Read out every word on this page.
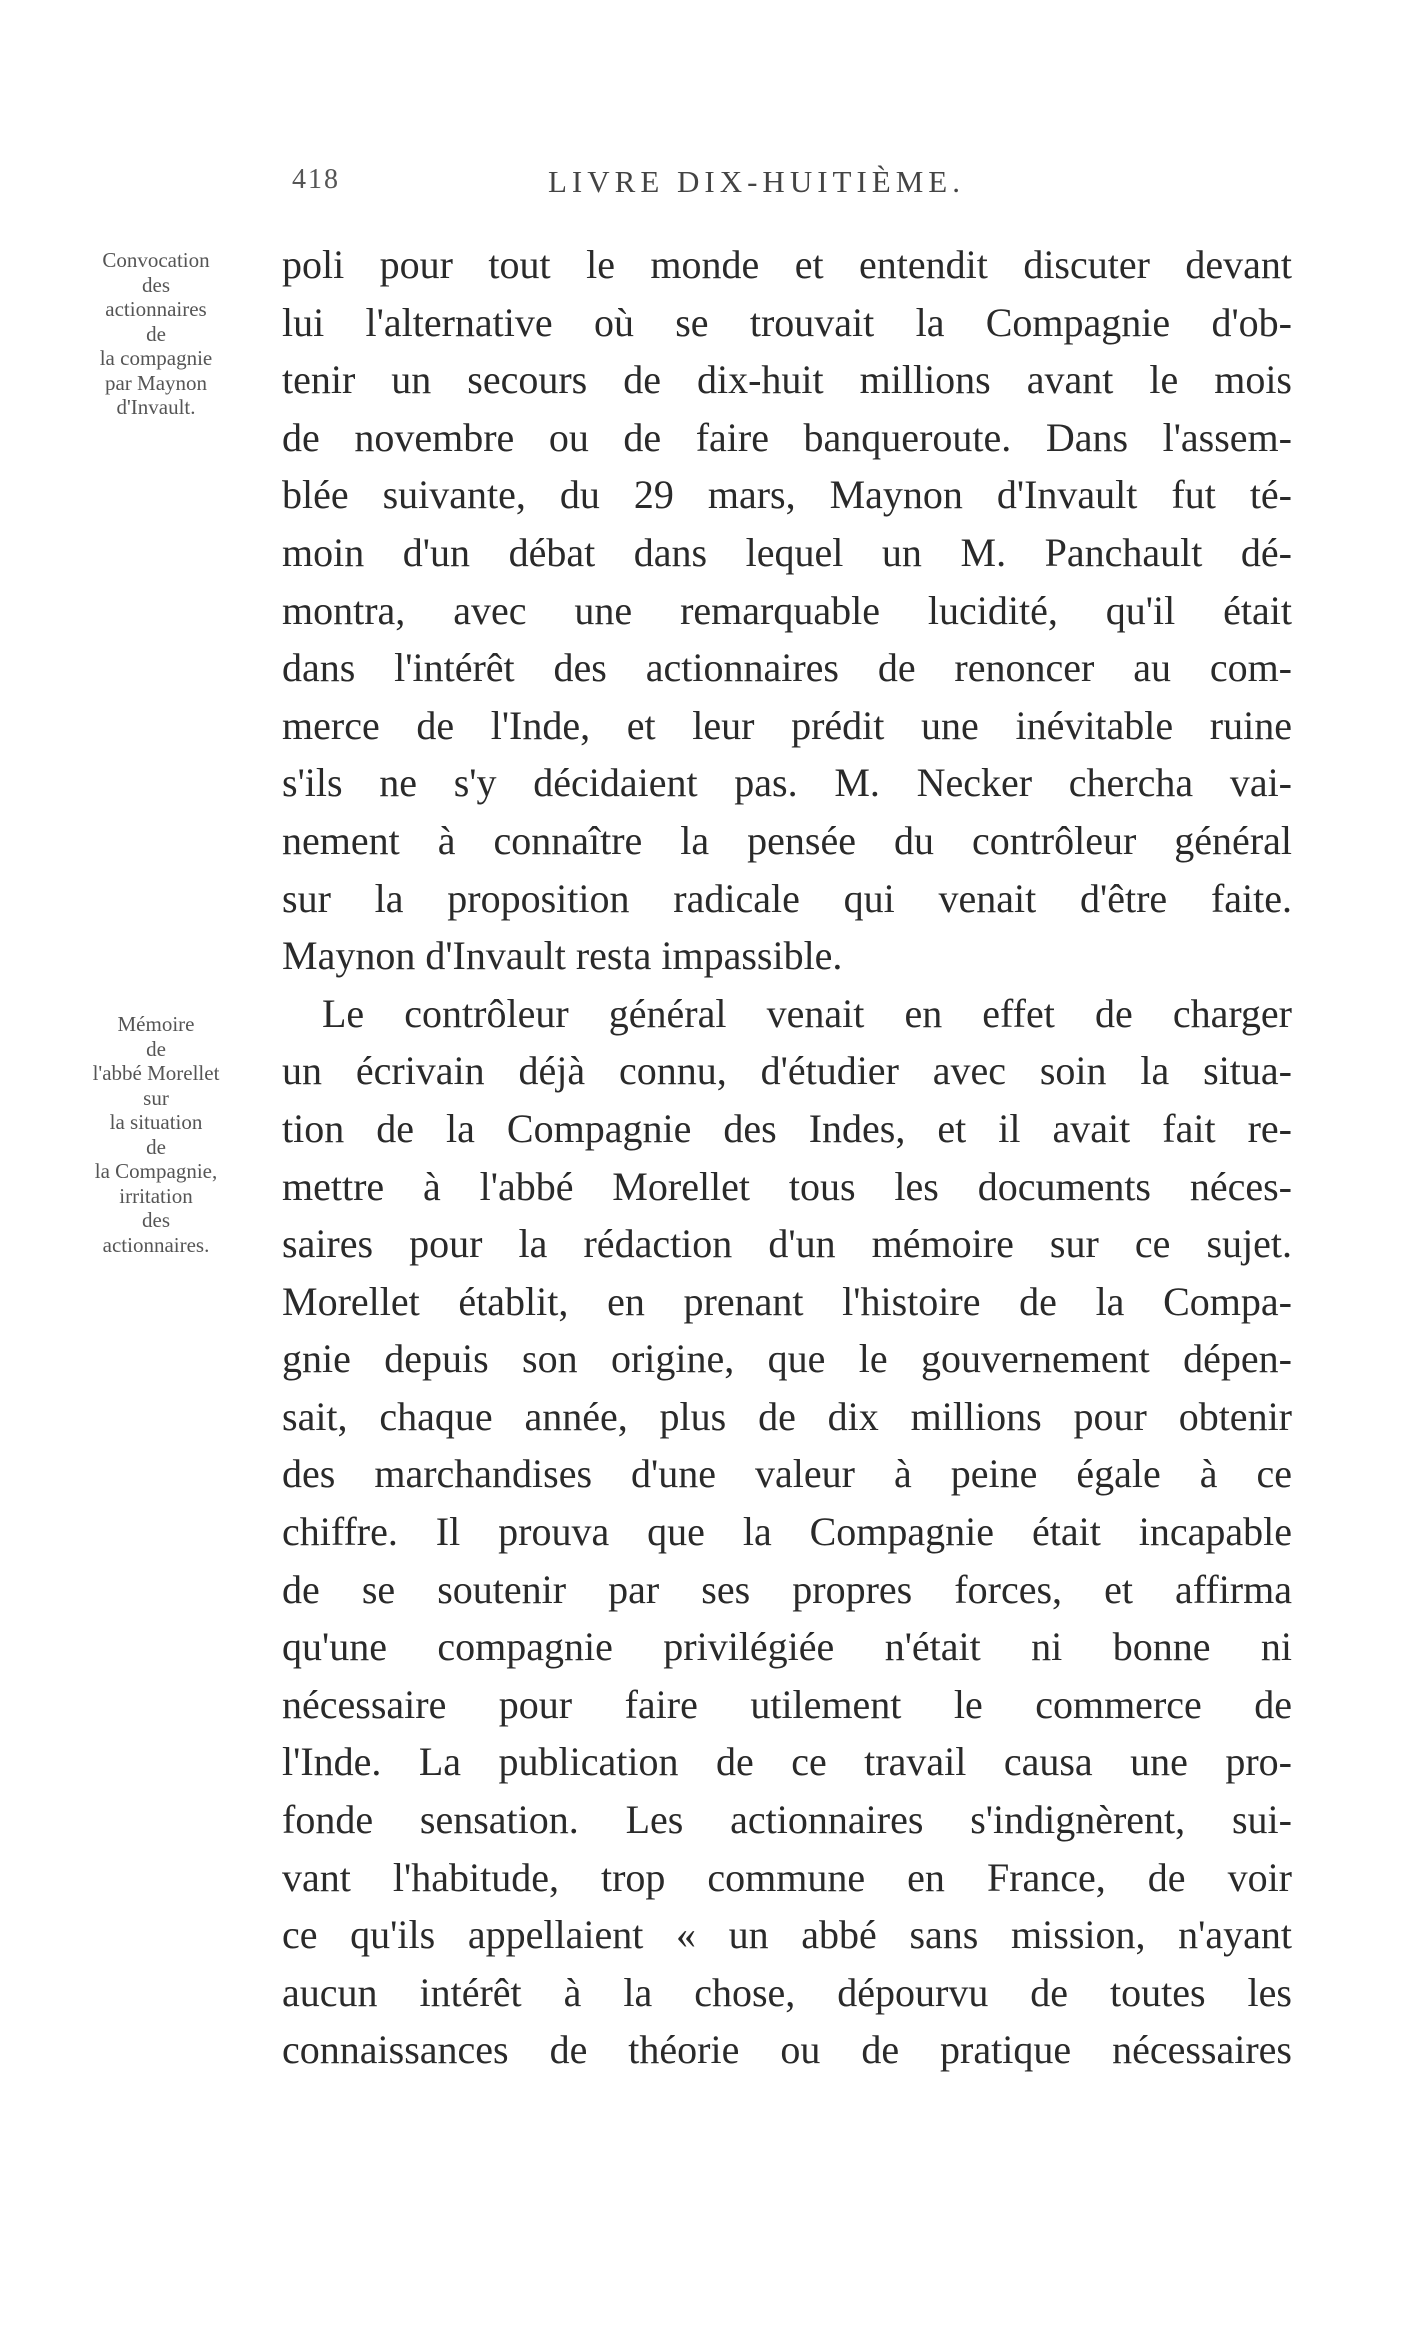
418	LIVRE DIX-HUITIÈME.
Convocation
des
actionnaires
de
la compagnie
par Maynon
d'Invault.
Mémoire
de
l'abbé Morellet
sur
la situation
de
la Compagnie,
irritation
des
actionnaires.
poli pour tout le monde et entendit discuter devant
lui l'alternative où se trouvait la Compagnie d'ob-
tenir un secours de dix-huit millions avant le mois
de novembre ou de faire banqueroute. Dans l'assem-
blée suivante, du 29 mars, Maynon d'Invault fut té-
moin d'un débat dans lequel un M. Panchault dé-
montra, avec une remarquable lucidité, qu'il était
dans l'intérêt des actionnaires de renoncer au com-
merce de l'Inde, et leur prédit une inévitable ruine
s'ils ne s'y décidaient pas. M. Necker chercha vai-
nement à connaître la pensée du contrôleur général
sur la proposition radicale qui venait d'être faite.
Maynon d'Invault resta impassible.
Le contrôleur général venait en effet de charger
un écrivain déjà connu, d'étudier avec soin la situa-
tion de la Compagnie des Indes, et il avait fait re-
mettre à l'abbé Morellet tous les documents néces-
saires pour la rédaction d'un mémoire sur ce sujet.
Morellet établit, en prenant l'histoire de la Compa-
gnie depuis son origine, que le gouvernement dépen-
sait, chaque année, plus de dix millions pour obtenir
des marchandises d'une valeur à peine égale à ce
chiffre. Il prouva que la Compagnie était incapable
de se soutenir par ses propres forces, et affirma
qu'une compagnie privilégiée n'était ni bonne ni
nécessaire pour faire utilement le commerce de
l'Inde. La publication de ce travail causa une pro-
fonde sensation. Les actionnaires s'indignèrent, sui-
vant l'habitude, trop commune en France, de voir
ce qu'ils appellaient « un abbé sans mission, n'ayant
aucun intérêt à la chose, dépourvu de toutes les
connaissances de théorie ou de pratique nécessaires
